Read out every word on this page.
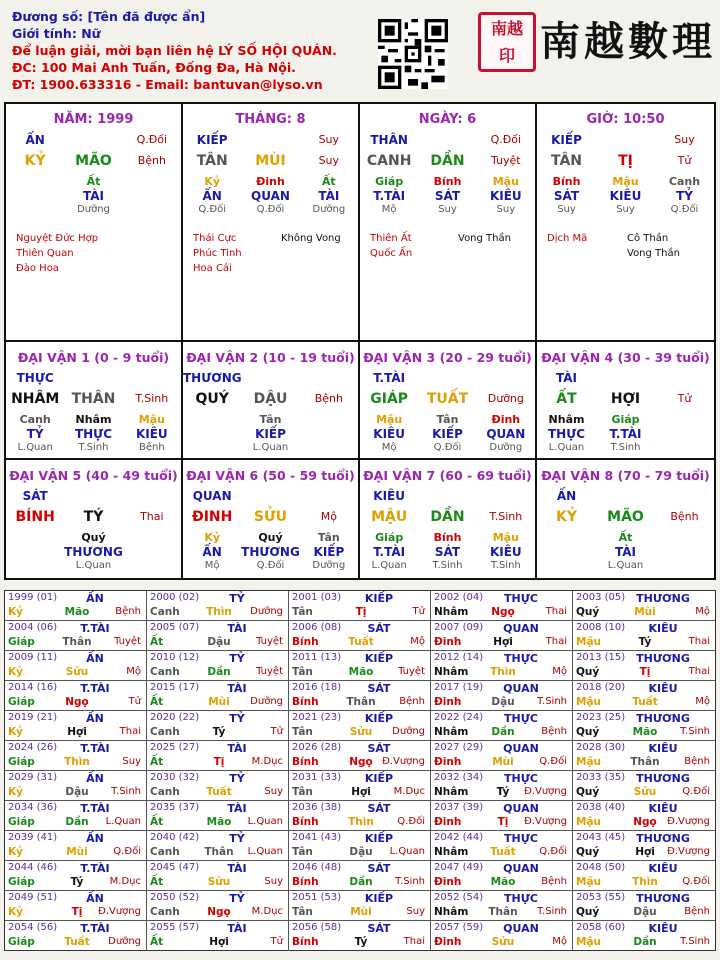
Đương số: [Tên đã được ẩn]
Giới tính: Nữ
Để luận giải, mời bạn liên hệ LÝ SỐ HỘI QUÁN.
ĐC: 100 Mai Anh Tuấn, Đống Đa, Hà Nội.
ĐT: 1900.633316 - Email: bantuvan@lyso.vn
南越 印 南越數理
NĂM: 1999
ẤN	Q.Đối
KỶ	MÃO	Bệnh
Ất
TÀI
Dưỡng
Nguyệt Đức Hợp
Thiên Quan
Đào Hoa
THÁNG: 8
KIẾP	Suy
TÂN	MÙI	Suy
Kỷ	Đinh	Ất
ẤN	QUAN	TÀI
Q.Đối	Q.Đối	Dưỡng
Thái Cực
Phúc Tinh
Hoa Cái
Không Vong
NGÀY: 6
THÂN	Q.Đối
CANH	DẦN	Tuyệt
Giáp	Bính	Mậu
T.TÀI	SÁT	KIÊU
Mộ	Suy	Suy
Thiên Ất
Quốc Ấn
Vong Thần
GIỜ: 10:50
KIẾP	Suy
TÂN	TỊ	Tử
Bính	Mậu	Canh
SÁT	KIÊU	TỶ
Suy	Suy	Q.Đối
Dịch Mã	Cô Thần
Vong Thần
ĐẠI VẬN 1 (0 - 9 tuổi)
THỰC
NHÂM THÂN	T.Sinh
Canh	Nhâm	Mậu
TỶ	THỰC	KIÊU
L.Quan	T.Sinh	Bệnh
ĐẠI VẬN 2 (10 - 19 tuổi)
THƯƠNG
QUÝ	DẬU	Bệnh
Tân
KIẾP
L.Quan
ĐẠI VẬN 3 (20 - 29 tuổi)
T.TÀI
GIÁP	TUẤT	Dưỡng
Mậu	Tân	Đinh
KIÊU	KIẾP	QUAN
Mộ	Q.Đối	Dưỡng
ĐẠI VẬN 4 (30 - 39 tuổi)
TÀI
ẤT	HỢI	Tử
Nhâm	Giáp
THỰC	T.TÀI
L.Quan	T.Sinh
ĐẠI VẬN 5 (40 - 49 tuổi)
SÁT
BÍNH	TÝ	Thai
Quý
THƯƠNG
L.Quan
ĐẠI VẬN 6 (50 - 59 tuổi)
QUAN
ĐINH	SỬU	Mộ
Kỷ	Quý	Tân
ẤN	THƯƠNG	KIẾP
Mộ	Q.Đối	Dưỡng
ĐẠI VẬN 7 (60 - 69 tuổi)
KIÊU
MẬU	DẦN	T.Sinh
Giáp	Bính	Mậu
T.TÀI	SÁT	KIÊU
L.Quan	T.Sinh	T.Sinh
ĐẠI VẬN 8 (70 - 79 tuổi)
ẤN
KỶ	MÃO	Bệnh
Ất
TÀI
L.Quan
1999 (01)	ẤN
Kỷ	Mão	Bệnh
2000 (02)	TỶ
Canh	Thìn	Dưỡng
2001 (03)	KIẾP
Tân	Tị	Tử
2002 (04)	THỰC
Nhâm	Ngọ	Thai
2003 (05) THƯƠNG
Quý	Mùi	Mộ
2004 (06)	T.TÀI
Giáp	Thân	Tuyệt
2005 (07)	TÀI
Ất	Dậu	Tuyệt
2006 (08)	SÁT
Bính	Tuất	Mộ
2007 (09)	QUAN
Đinh	Hợi	Thai
2008 (10)	KIÊU
Mậu	Tý	Thai
2009 (11)	ẤN
Kỷ	Sửu	Mộ
2010 (12)	TỶ
Canh	Dần	Tuyệt
2011 (13)	KIẾP
Tân	Mão	Tuyệt
2012 (14)	THỰC
Nhâm	Thìn	Mộ
2013 (15) THƯƠNG
Quý	Tị	Thai
2014 (16)	T.TÀI
Giáp	Ngọ	Tử
2015 (17)	TÀI
Ất	Mùi	Dưỡng
2016 (18)	SÁT
Bính	Thân	Bệnh
2017 (19)	QUAN
Đinh	Dậu	T.Sinh
2018 (20)	KIÊU
Mậu	Tuất	Mộ
2019 (21)	ẤN
Kỷ	Hợi	Thai
2020 (22)	TỶ
Canh	Tý	Tử
2021 (23)	KIẾP
Tân	Sửu	Dưỡng
2022 (24)	THỰC
Nhâm	Dần	Bệnh
2023 (25) THƯƠNG
Quý	Mão	T.Sinh
2024 (26)	T.TÀI
Giáp	Thìn	Suy
2025 (27)	TÀI
Ất	Tị	M.Dục
2026 (28)	SÁT
Bính	Ngọ Đ.Vượng
2027 (29)	QUAN
Đinh	Mùi	Q.Đối
2028 (30)	KIÊU
Mậu	Thân	Bệnh
2029 (31)	ẤN
Kỷ	Dậu	T.Sinh
2030 (32)	TỶ
Canh	Tuất	Suy
2031 (33)	KIẾP
Tân	Hợi	M.Dục
2032 (34)	THỰC
Nhâm	Tý	Đ.Vượng
2033 (35) THƯƠNG
Quý	Sửu	Q.Đối
2034 (36)	T.TÀI
Giáp	Dần	L.Quan
2035 (37)	TÀI
Ất	Mão	L.Quan
2036 (38)	SÁT
Bính	Thìn	Q.Đối
2037 (39)	QUAN
Đinh	Tị	Đ.Vượng
2038 (40)	KIÊU
Mậu	Ngọ	Đ.Vượng
2039 (41)	ẤN
Kỷ	Mùi	Q.Đối
2040 (42)	TỶ
Canh	Thân	L.Quan
2041 (43)	KIẾP
Tân	Dậu	L.Quan
2042 (44)	THỰC
Nhâm	Tuất	Q.Đối
2043 (45) THƯƠNG
Quý	Hợi	Đ.Vượng
2044 (46)	T.TÀI
Giáp	Tý	M.Dục
2045 (47)	TÀI
Ất	Sửu	Suy
2046 (48)	SÁT
Bính	Dần	T.Sinh
2047 (49)	QUAN
Đinh	Mão	Bệnh
2048 (50)	KIÊU
Mậu	Thìn	Q.Đối
2049 (51)	ẤN
Kỷ	Tị	Đ.Vượng
2050 (52)	TỶ
Canh	Ngọ	M.Dục
2051 (53)	KIẾP
Tân	Mùi	Suy
2052 (54)	THỰC
Nhâm	Thân	T.Sinh
2053 (55) THƯƠNG
Quý	Dậu	Bệnh
2054 (56)	T.TÀI
Giáp	Tuất	Dưỡng
2055 (57)	TÀI
Ất	Hợi	Tử
2056 (58)	SÁT
Bính	Tý	Thai
2057 (59)	QUAN
Đinh	Sửu	Mộ
2058 (60)	KIÊU
Mậu	Dần	T.Sinh
